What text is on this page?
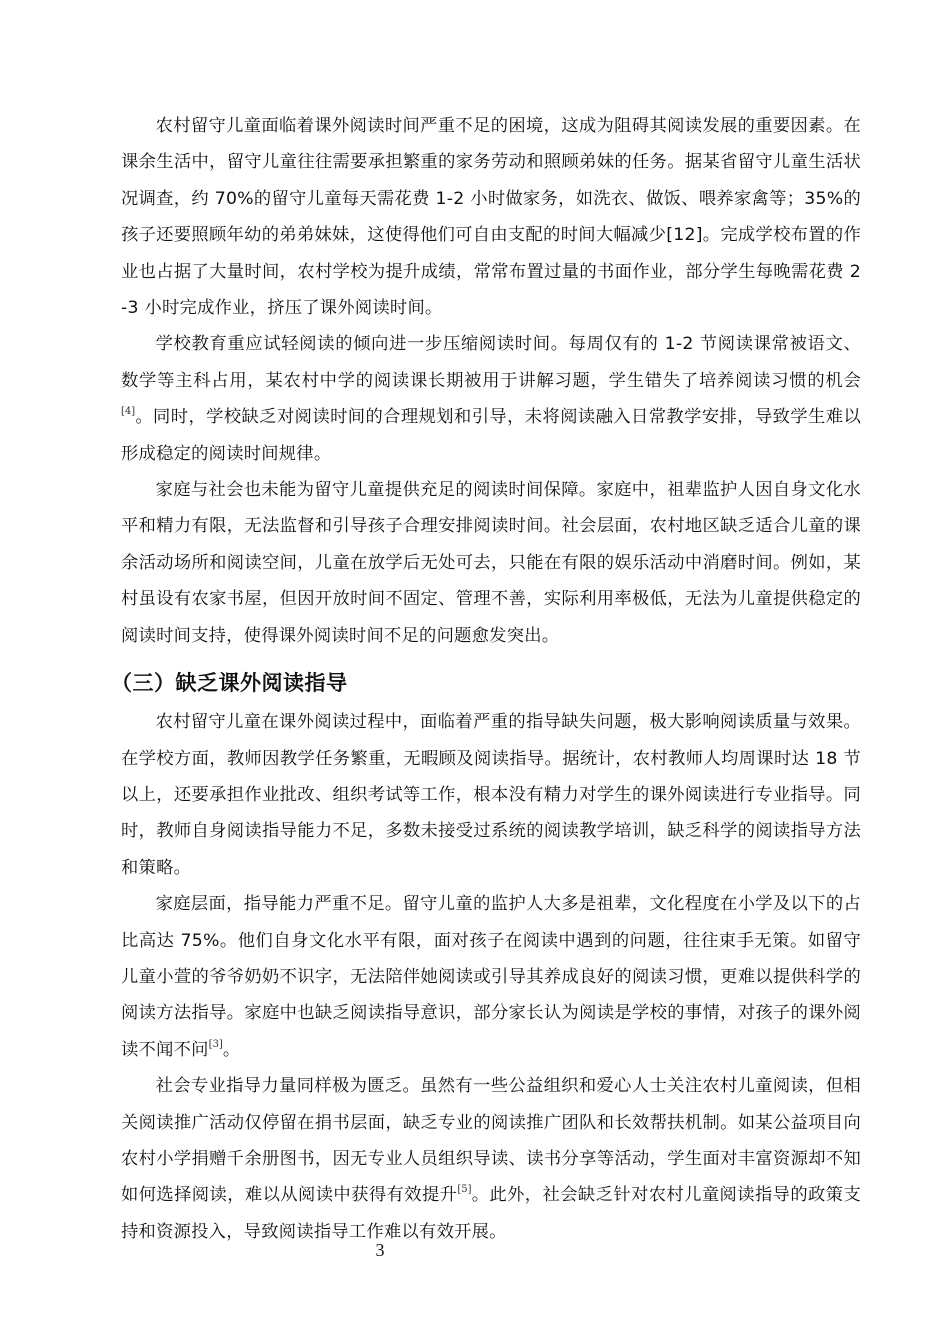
农村留守儿童面临着课外阅读时间严重不足的困境，这成为阻碍其阅读发展的重要因素。在课余生活中，留守儿童往往需要承担繁重的家务劳动和照顾弟妹的任务。据某省留守儿童生活状况调查，约 70%的留守儿童每天需花费 1-2 小时做家务，如洗衣、做饭、喂养家禽等；35%的孩子还要照顾年幼的弟弟妹妹，这使得他们可自由支配的时间大幅减少[12]。完成学校布置的作业也占据了大量时间，农村学校为提升成绩，常常布置过量的书面作业，部分学生每晚需花费 2-3 小时完成作业，挤压了课外阅读时间。

学校教育重应试轻阅读的倾向进一步压缩阅读时间。每周仅有的 1-2 节阅读课常被语文、数学等主科占用，某农村中学的阅读课长期被用于讲解习题，学生错失了培养阅读习惯的机会[4]。同时，学校缺乏对阅读时间的合理规划和引导，未将阅读融入日常教学安排，导致学生难以形成稳定的阅读时间规律。

家庭与社会也未能为留守儿童提供充足的阅读时间保障。家庭中，祖辈监护人因自身文化水平和精力有限，无法监督和引导孩子合理安排阅读时间。社会层面，农村地区缺乏适合儿童的课余活动场所和阅读空间，儿童在放学后无处可去，只能在有限的娱乐活动中消磨时间。例如，某村虽设有农家书屋，但因开放时间不固定、管理不善，实际利用率极低，无法为儿童提供稳定的阅读时间支持，使得课外阅读时间不足的问题愈发突出。

（三）缺乏课外阅读指导

农村留守儿童在课外阅读过程中，面临着严重的指导缺失问题，极大影响阅读质量与效果。在学校方面，教师因教学任务繁重，无暇顾及阅读指导。据统计，农村教师人均周课时达 18 节以上，还要承担作业批改、组织考试等工作，根本没有精力对学生的课外阅读进行专业指导。同时，教师自身阅读指导能力不足，多数未接受过系统的阅读教学培训，缺乏科学的阅读指导方法和策略。

家庭层面，指导能力严重不足。留守儿童的监护人大多是祖辈，文化程度在小学及以下的占比高达 75%。他们自身文化水平有限，面对孩子在阅读中遇到的问题，往往束手无策。如留守儿童小萱的爷爷奶奶不识字，无法陪伴她阅读或引导其养成良好的阅读习惯，更难以提供科学的阅读方法指导。家庭中也缺乏阅读指导意识，部分家长认为阅读是学校的事情，对孩子的课外阅读不闻不问[3]。

社会专业指导力量同样极为匮乏。虽然有一些公益组织和爱心人士关注农村儿童阅读，但相关阅读推广活动仅停留在捐书层面，缺乏专业的阅读推广团队和长效帮扶机制。如某公益项目向农村小学捐赠千余册图书，因无专业人员组织导读、读书分享等活动，学生面对丰富资源却不知如何选择阅读，难以从阅读中获得有效提升[5]。此外，社会缺乏针对农村儿童阅读指导的政策支持和资源投入，导致阅读指导工作难以有效开展。

3
